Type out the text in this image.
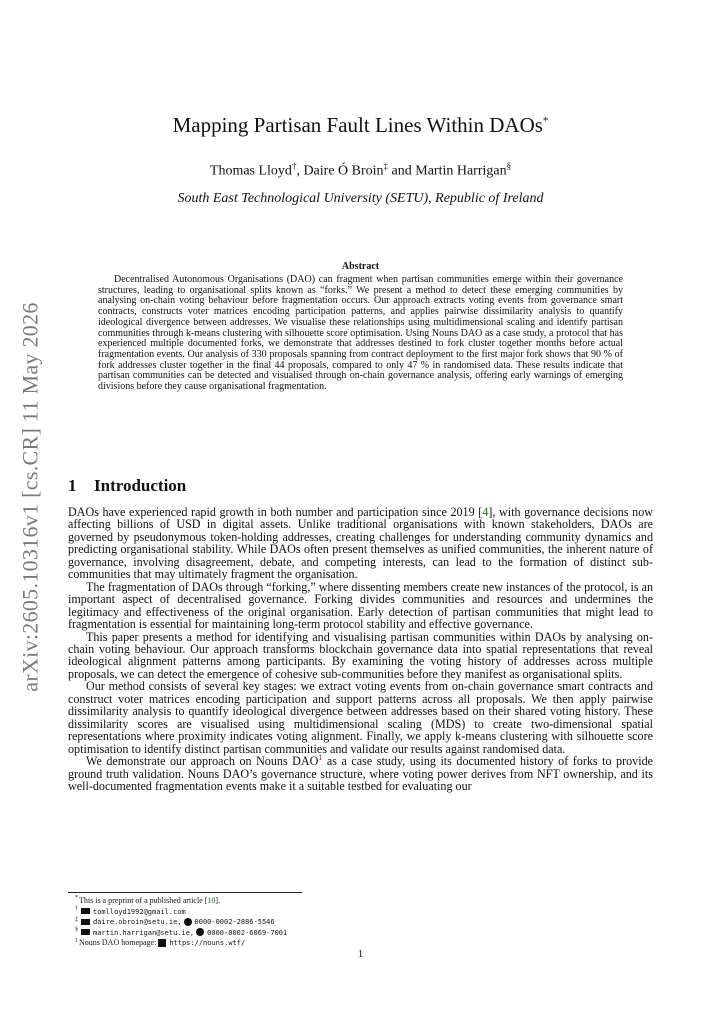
arXiv:2605.10316v1 [cs.CR] 11 May 2026
Mapping Partisan Fault Lines Within DAOs*
Thomas Lloyd†, Daire Ó Broin‡ and Martin Harrigan§
South East Technological University (SETU), Republic of Ireland
Abstract

Decentralised Autonomous Organisations (DAO) can fragment when partisan communities emerge within their governance structures, leading to organisational splits known as “forks.” We present a method to detect these emerging communities by analysing on-chain voting behaviour before fragmentation occurs. Our approach extracts voting events from governance smart contracts, constructs voter matrices encoding participation patterns, and applies pairwise dissimilarity analysis to quantify ideological divergence between addresses. We visualise these relationships using multidimensional scaling and identify partisan communities through k-means clustering with silhouette score optimisation. Using Nouns DAO as a case study, a protocol that has experienced multiple documented forks, we demonstrate that addresses destined to fork cluster together months before actual fragmentation events. Our analysis of 330 proposals spanning from contract deployment to the first major fork shows that 90 % of fork addresses cluster together in the final 44 proposals, compared to only 47 % in randomised data. These results indicate that partisan communities can be detected and visualised through on-chain governance analysis, offering early warnings of emerging divisions before they cause organisational fragmentation.

1 Introduction

DAOs have experienced rapid growth in both number and participation since 2019 [4], with governance decisions now affecting billions of USD in digital assets. Unlike traditional organisations with known stakeholders, DAOs are governed by pseudonymous token-holding addresses, creating challenges for understanding community dynamics and predicting organisational stability. While DAOs often present themselves as unified communities, the inherent nature of governance, involving disagreement, debate, and competing interests, can lead to the formation of distinct sub-communities that may ultimately fragment the organisation.

The fragmentation of DAOs through “forking,” where dissenting members create new instances of the protocol, is an important aspect of decentralised governance. Forking divides communities and resources and undermines the legitimacy and effectiveness of the original organisation. Early detection of partisan communities that might lead to fragmentation is essential for maintaining long-term protocol stability and effective governance.

This paper presents a method for identifying and visualising partisan communities within DAOs by analysing on-chain voting behaviour. Our approach transforms blockchain governance data into spatial representations that reveal ideological alignment patterns among participants. By examining the voting history of addresses across multiple proposals, we can detect the emergence of cohesive sub-communities before they manifest as organisational splits.

Our method consists of several key stages: we extract voting events from on-chain governance smart contracts and construct voter matrices encoding participation and support patterns across all proposals. We then apply pairwise dissimilarity analysis to quantify ideological divergence between addresses based on their shared voting history. These dissimilarity scores are visualised using multidimensional scaling (MDS) to create two-dimensional spatial representations where proximity indicates voting alignment. Finally, we apply k-means clustering with silhouette score optimisation to identify distinct partisan communities and validate our results against randomised data.

We demonstrate our approach on Nouns DAO$^1$ as a case study, using its documented history of forks to provide ground truth validation. Nouns DAO’s governance structure, where voting power derives from NFT ownership, and its well-documented fragmentation events make it a suitable testbed for evaluating our

*This is a preprint of a published article [10].
† tomlloyd1992@gmail.com
‡ daire.obroin@setu.ie, 0000-0002-2886-5546
§ martin.harrigan@setu.ie, 0000-0002-6069-7001
$^1$Nouns DAO homepage: https://nouns.wtf/
1
